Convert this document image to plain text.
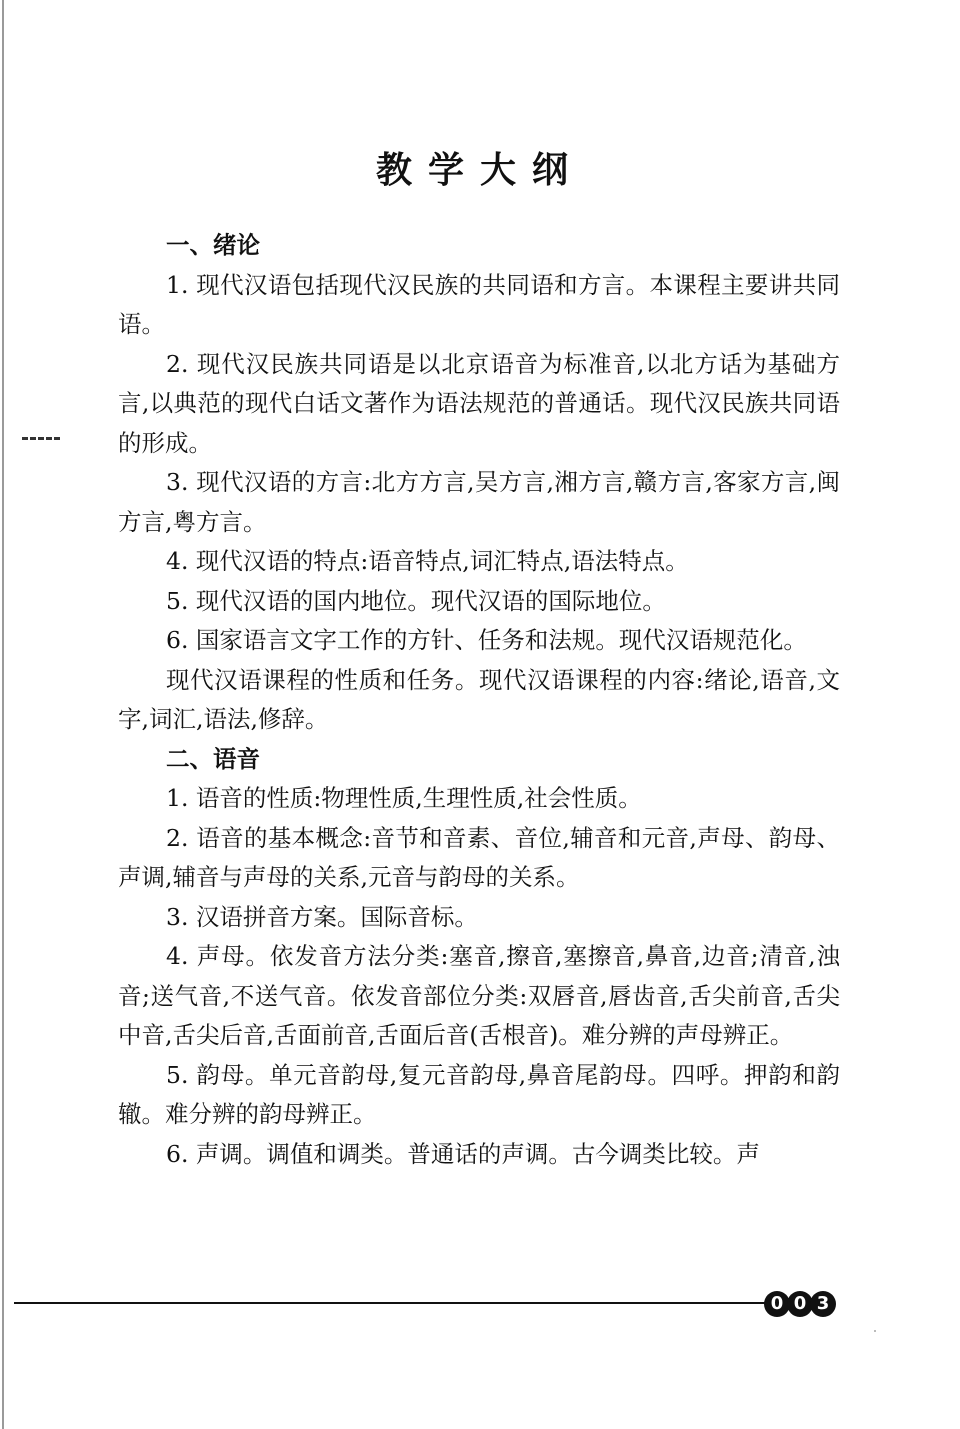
教学大纲
一、绪论

1. 现代汉语包括现代汉民族的共同语和方言。本课程主要讲共同语。

2. 现代汉民族共同语是以北京语音为标准音,以北方话为基础方言,以典范的现代白话文著作为语法规范的普通话。现代汉民族共同语的形成。

3. 现代汉语的方言:北方方言,吴方言,湘方言,赣方言,客家方言,闽方言,粤方言。

4. 现代汉语的特点:语音特点,词汇特点,语法特点。

5. 现代汉语的国内地位。现代汉语的国际地位。

6. 国家语言文字工作的方针、任务和法规。现代汉语规范化。

现代汉语课程的性质和任务。现代汉语课程的内容:绪论,语音,文字,词汇,语法,修辞。

二、语音

1. 语音的性质:物理性质,生理性质,社会性质。

2. 语音的基本概念:音节和音素、音位,辅音和元音,声母、韵母、声调,辅音与声母的关系,元音与韵母的关系。

3. 汉语拼音方案。国际音标。

4. 声母。依发音方法分类:塞音,擦音,塞擦音,鼻音,边音;清音,浊音;送气音,不送气音。依发音部位分类:双唇音,唇齿音,舌尖前音,舌尖中音,舌尖后音,舌面前音,舌面后音(舌根音)。难分辨的声母辨正。

5. 韵母。单元音韵母,复元音韵母,鼻音尾韵母。四呼。押韵和韵辙。难分辨的韵母辨正。

6. 声调。调值和调类。普通话的声调。古今调类比较。声

0 0 3
